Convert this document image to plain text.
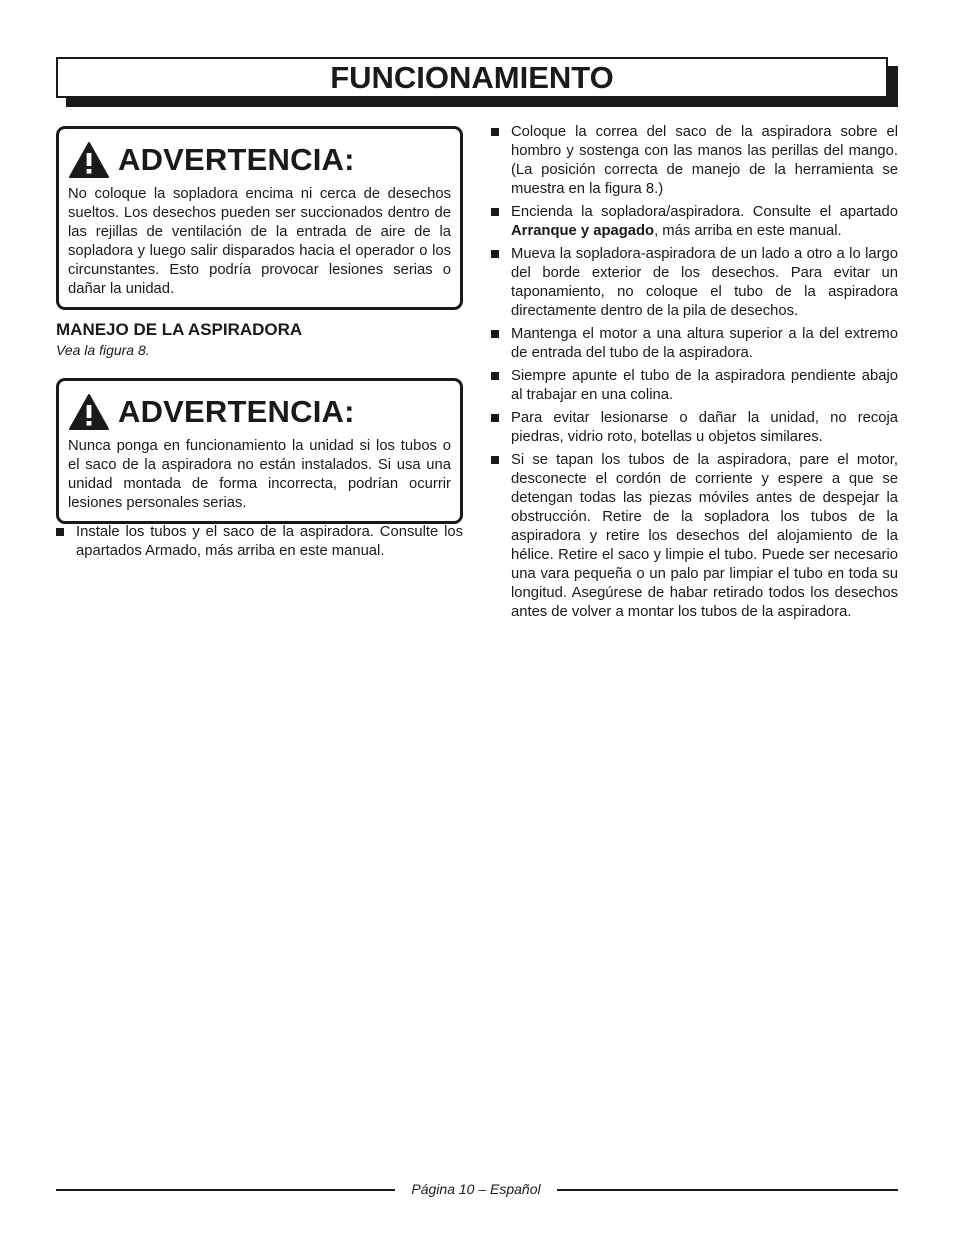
FUNCIONAMIENTO
ADVERTENCIA:
No coloque la sopladora encima ni cerca de desechos sueltos. Los desechos pueden ser succionados dentro de las rejillas de ventilación de la entrada de aire de la sopladora y luego salir disparados hacia el operador o los circunstantes. Esto podría provocar lesiones serias o dañar la unidad.
MANEJO DE LA ASPIRADORA
Vea la figura 8.
ADVERTENCIA:
Nunca ponga en funcionamiento la unidad si los tubos o el saco de la aspiradora no están instalados. Si usa una unidad montada de forma incorrecta, podrían ocurrir lesiones personales serias.
Instale los tubos y el saco de la aspiradora. Consulte los apartados Armado, más arriba en este manual.
Coloque la correa del saco de la aspiradora sobre el hombro y sostenga con las manos las perillas del mango. (La posición correcta de manejo de la herramienta se muestra en la figura 8.)
Encienda la sopladora/aspiradora. Consulte el apartado Arranque y apagado, más arriba en este manual.
Mueva la sopladora-aspiradora de un lado a otro a lo largo del borde exterior de los desechos. Para evitar un taponamiento, no coloque el tubo de la aspiradora directamente dentro de la pila de desechos.
Mantenga el motor a una altura superior a la del extremo de entrada del tubo de la aspiradora.
Siempre apunte el tubo de la aspiradora pendiente abajo al trabajar en una colina.
Para evitar lesionarse o dañar la unidad, no recoja piedras, vidrio roto, botellas u objetos similares.
Si se tapan los tubos de la aspiradora, pare el motor, desconecte el cordón de corriente y espere a que se detengan todas las piezas móviles antes de despejar la obstrucción. Retire de la sopladora los tubos de la aspiradora y retire los desechos del alojamiento de la hélice. Retire el saco y limpie el tubo. Puede ser necesario una vara pequeña o un palo par limpiar el tubo en toda su longitud. Asegúrese de habar retirado todos los desechos antes de volver a montar los tubos de la aspiradora.
Página 10 – Español
